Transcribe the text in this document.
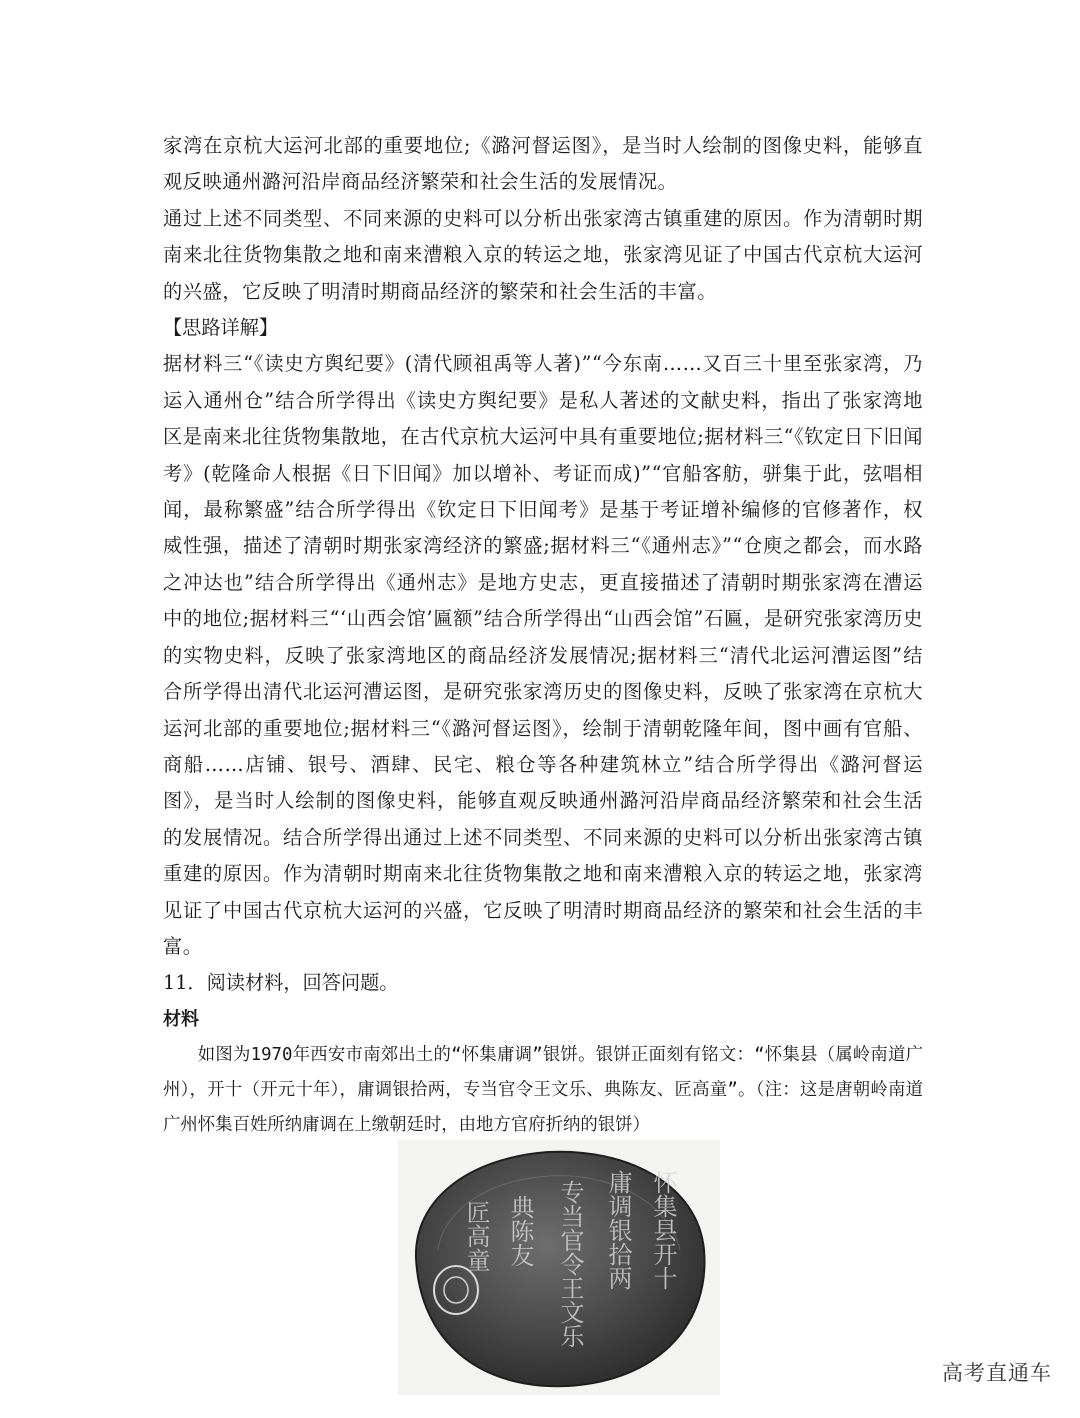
家湾在京杭大运河北部的重要地位;《潞河督运图》，是当时人绘制的图像史料，能够直观反映通州潞河沿岸商品经济繁荣和社会生活的发展情况。

通过上述不同类型、不同来源的史料可以分析出张家湾古镇重建的原因。作为清朝时期南来北往货物集散之地和南来漕粮入京的转运之地，张家湾见证了中国古代京杭大运河的兴盛，它反映了明清时期商品经济的繁荣和社会生活的丰富。

【思路详解】

据材料三“《读史方舆纪要》(清代顾祖禹等人著)”“今东南……又百三十里至张家湾，乃运入通州仓”结合所学得出《读史方舆纪要》是私人著述的文献史料，指出了张家湾地区是南来北往货物集散地，在古代京杭大运河中具有重要地位;据材料三“《钦定日下旧闻考》(乾隆命人根据《日下旧闻》加以增补、考证而成)”“官船客舫，骈集于此，弦唱相闻，最称繁盛”结合所学得出《钦定日下旧闻考》是基于考证增补编修的官修著作，权威性强，描述了清朝时期张家湾经济的繁盛;据材料三“《通州志》”“仓庾之都会，而水路之冲达也”结合所学得出《通州志》是地方史志，更直接描述了清朝时期张家湾在漕运中的地位;据材料三“‘山西会馆’匾额”结合所学得出“山西会馆”石匾，是研究张家湾历史的实物史料，反映了张家湾地区的商品经济发展情况;据材料三“清代北运河漕运图”结合所学得出清代北运河漕运图，是研究张家湾历史的图像史料，反映了张家湾在京杭大运河北部的重要地位;据材料三“《潞河督运图》，绘制于清朝乾隆年间，图中画有官船、商船……店铺、银号、酒肆、民宅、粮仓等各种建筑林立”结合所学得出《潞河督运图》，是当时人绘制的图像史料，能够直观反映通州潞河沿岸商品经济繁荣和社会生活的发展情况。结合所学得出通过上述不同类型、不同来源的史料可以分析出张家湾古镇重建的原因。作为清朝时期南来北往货物集散之地和南来漕粮入京的转运之地，张家湾见证了中国古代京杭大运河的兴盛，它反映了明清时期商品经济的繁荣和社会生活的丰富。

11．阅读材料，回答问题。

材料

如图为1970年西安市南郊出土的“怀集庸调”银饼。银饼正面刻有铭文：“怀集县（属岭南道广州），开十（开元十年），庸调银拾两，专当官令王文乐、典陈友、匠高童”。（注：这是唐朝岭南道广州怀集百姓所纳庸调在上缴朝廷时，由地方官府折纳的银饼）

怀集县开十
庸调银拾两
专当官令王文乐
典陈友
匠高童
高考直通车
